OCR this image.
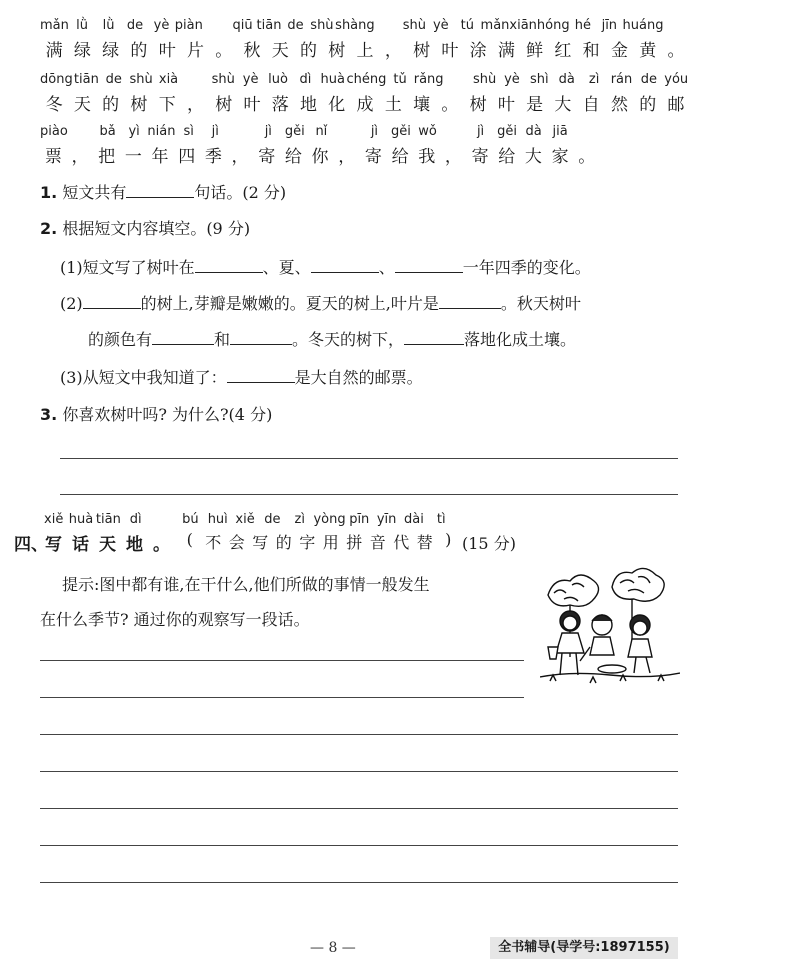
mǎn lǜ	lǜ de yè piàn qiū tiān de shù shàng shù yè tú mǎn xiān hóng hé jīn huáng
满 绿 绿 的 叶 片 。 秋 天 的 树 上 ， 树 叶 涂 满 鲜 红 和 金 黄 。
dōng tiān de shù xià	shù yè luò dì huà chéng tǔ rǎng shù yè shì dà	zì rán de yóu
冬 天 的 树 下 ， 树 叶 落 地 化 成 土 壤 。 树 叶 是 大 自 然 的 邮
piào	bǎ yì nián sì	jì	jì gěi nǐ	jì gěi wǒ	jì gěi dà jiā
票 ， 把 一 年 四 季 ， 寄 给 你 ， 寄 给 我 ， 寄 给 大 家 。
1. 短文共有	句话。(2 分)
2. 根据短文内容填空。(9 分)
(1)短文写了树叶在	、夏、	、	一年四季的变化。
(2)	的树上,芽瓣是嫩嫩的。夏天的树上,叶片是	。秋天树叶
的颜色有	和	。冬天的树下，	落地化成土壤。
(3)从短文中我知道了：	是大自然的邮票。
3. 你喜欢树叶吗? 为什么?(4 分)
xiě huà tiān dì	bú huì xiě de	zì yòng pīn yīn dài	tì
四、
写 话 天 地 。	( 不 会 写 的 字 用 拼 音 代 替 ) (15 分)
提示:图中都有谁,在干什么,他们所做的事情一般发生
在什么季节? 通过你的观察写一段话。
— 8 —	全书辅导(导学号:1897155)
